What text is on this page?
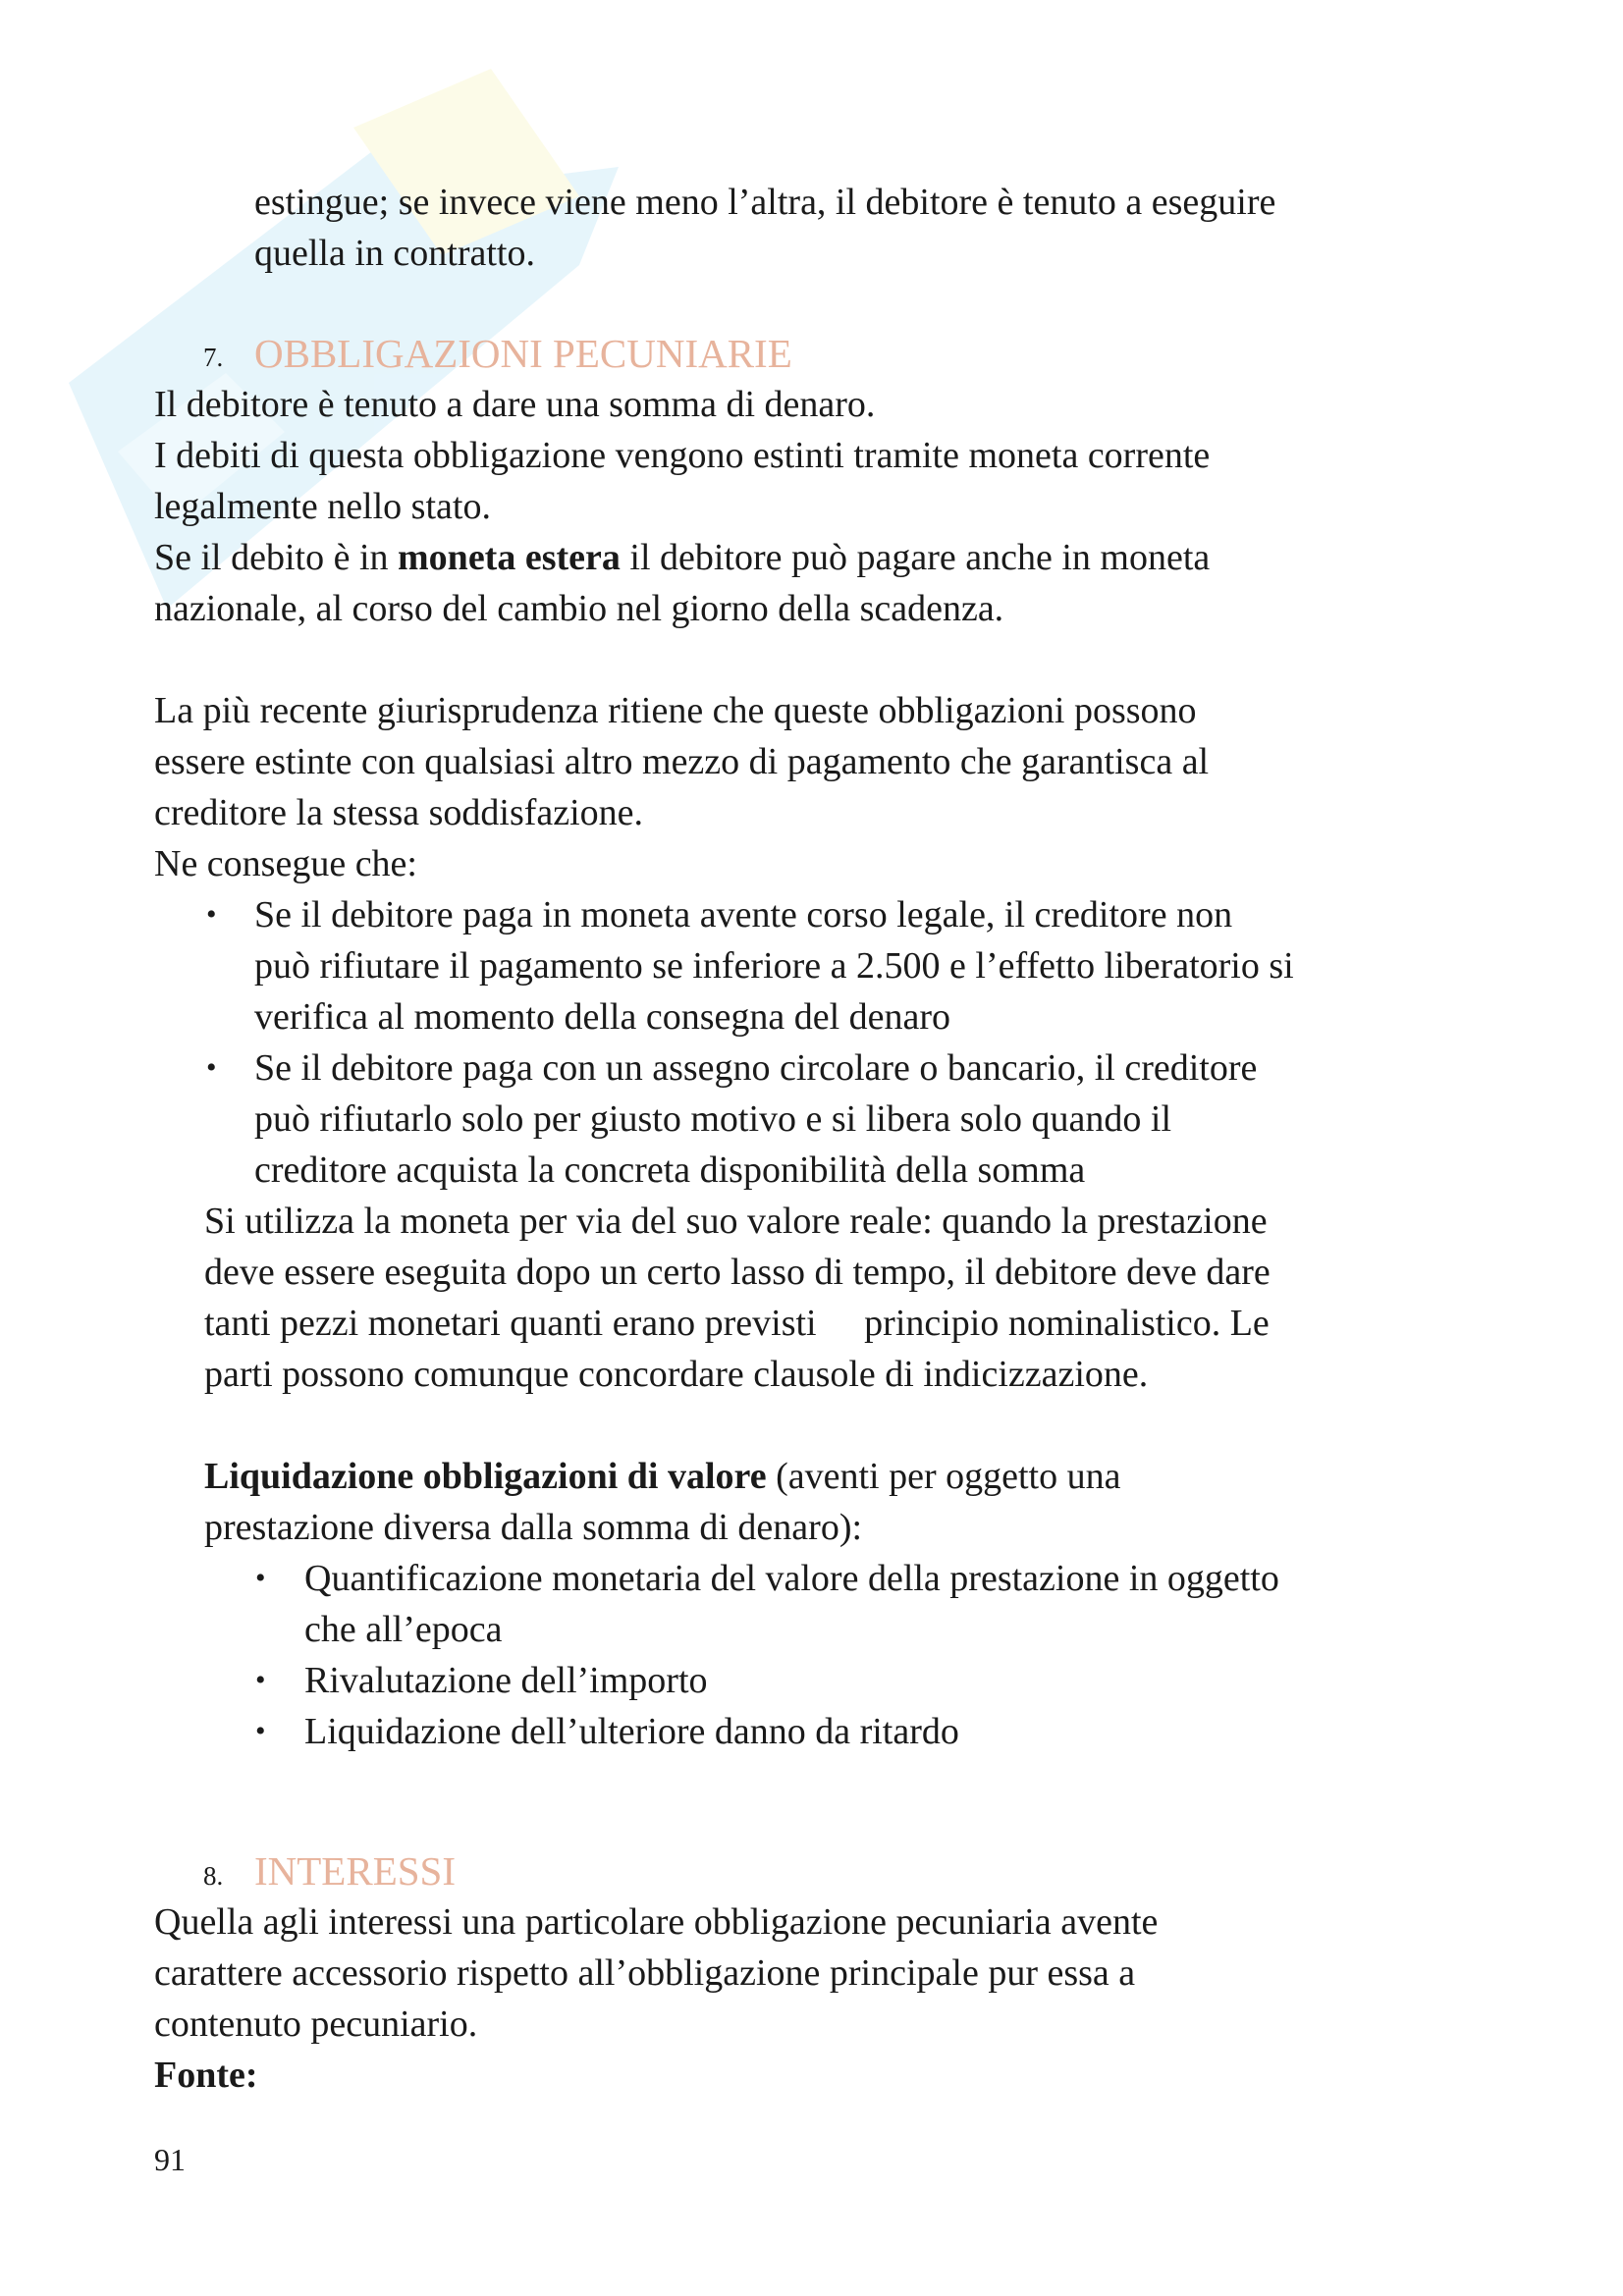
estingue; se invece viene meno l’altra, il debitore è tenuto a eseguire
quella in contratto.
7. OBBLIGAZIONI PECUNIARIE
Il debitore è tenuto a dare una somma di denaro.
I debiti di questa obbligazione vengono estinti tramite moneta corrente
legalmente nello stato.
Se il debito è in moneta estera il debitore può pagare anche in moneta
nazionale, al corso del cambio nel giorno della scadenza.
La più recente giurisprudenza ritiene che queste obbligazioni possono
essere estinte con qualsiasi altro mezzo di pagamento che garantisca al
creditore la stessa soddisfazione.
Ne consegue che:
• Se il debitore paga in moneta avente corso legale, il creditore non
può rifiutare il pagamento se inferiore a 2.500 e l’effetto liberatorio si
verifica al momento della consegna del denaro
• Se il debitore paga con un assegno circolare o bancario, il creditore
può rifiutarlo solo per giusto motivo e si libera solo quando il
creditore acquista la concreta disponibilità della somma
Si utilizza la moneta per via del suo valore reale: quando la prestazione
deve essere eseguita dopo un certo lasso di tempo, il debitore deve dare
tanti pezzi monetari quanti erano previsti principio nominalistico. Le
parti possono comunque concordare clausole di indicizzazione.
Liquidazione obbligazioni di valore (aventi per oggetto una
prestazione diversa dalla somma di denaro):
• Quantificazione monetaria del valore della prestazione in oggetto
che all’epoca
• Rivalutazione dell’importo
• Liquidazione dell’ulteriore danno da ritardo
8. INTERESSI
Quella agli interessi una particolare obbligazione pecuniaria avente
carattere accessorio rispetto all’obbligazione principale pur essa a
contenuto pecuniario.
Fonte:
91
